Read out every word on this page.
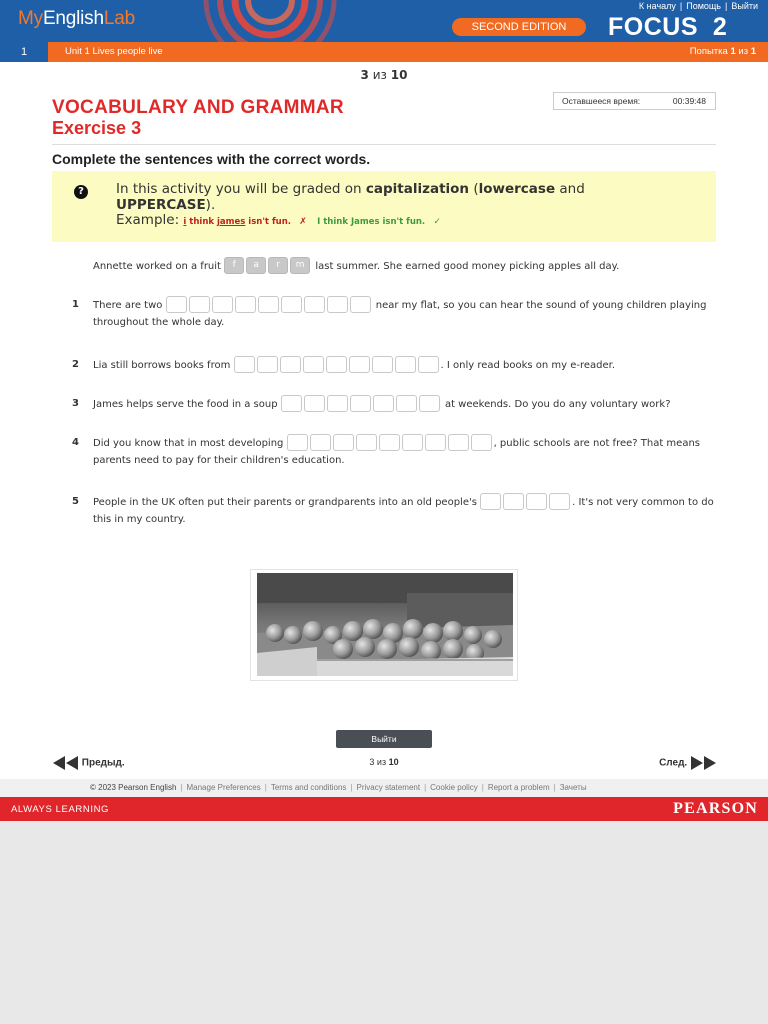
MyEnglishLab	SECOND EDITION
К началу | Помощь | Выйти
FOCUS 2
1	Unit 1 Lives people live	Попытка 1 из 1
3 из 10
VOCABULARY AND GRAMMAR
Exercise 3
Оставшееся время:	00:39:48
Complete the sentences with the correct words.
?	In this activity you will be graded on capitalization (lowercase and UPPERCASE).
Example: i think james isn't fun. ✗ I think James isn't fun. ✓
Annette worked on a fruit f a r m last summer. She earned good money picking apples all day.
1 There are two	near my flat, so you can hear the sound of young children playing throughout the whole day.
2 Lia still borrows books from	. I only read books on my e-reader.
3 James helps serve the food in a soup	at weekends. Do you do any voluntary work?
4 Did you know that in most developing	, public schools are not free? That means parents need to pay for their children's education.
5 People in the UK often put their parents or grandparents into an old people's	. It's not very common to do this in my country.
Выйти
Предыд.	3 из 10	След.
© 2023 Pearson English | Manage Preferences | Terms and conditions | Privacy statement | Cookie policy | Report a problem | Зачеты
ALWAYS LEARNING	PEARSON
